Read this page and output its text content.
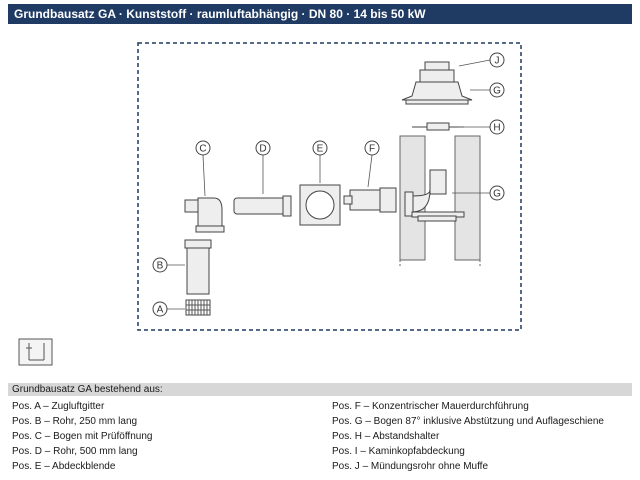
Grundbausatz GA · Kunststoff · raumluftabhängig · DN 80 · 14 bis 50 kW
C	D	E	F
B
A
J
G
H
G
Grundbausatz GA bestehend aus:
Pos. A – Zugluftgitter
Pos. B – Rohr, 250 mm lang
Pos. C – Bogen mit Prüföffnung
Pos. D – Rohr, 500 mm lang
Pos. E – Abdeckblende
Pos. F – Konzentrischer Mauerdurchführung
Pos. G – Bogen 87° inklusive Abstützung und Auflageschiene
Pos. H – Abstandshalter
Pos. I – Kaminkopfabdeckung
Pos. J – Mündungsrohr ohne Muffe
